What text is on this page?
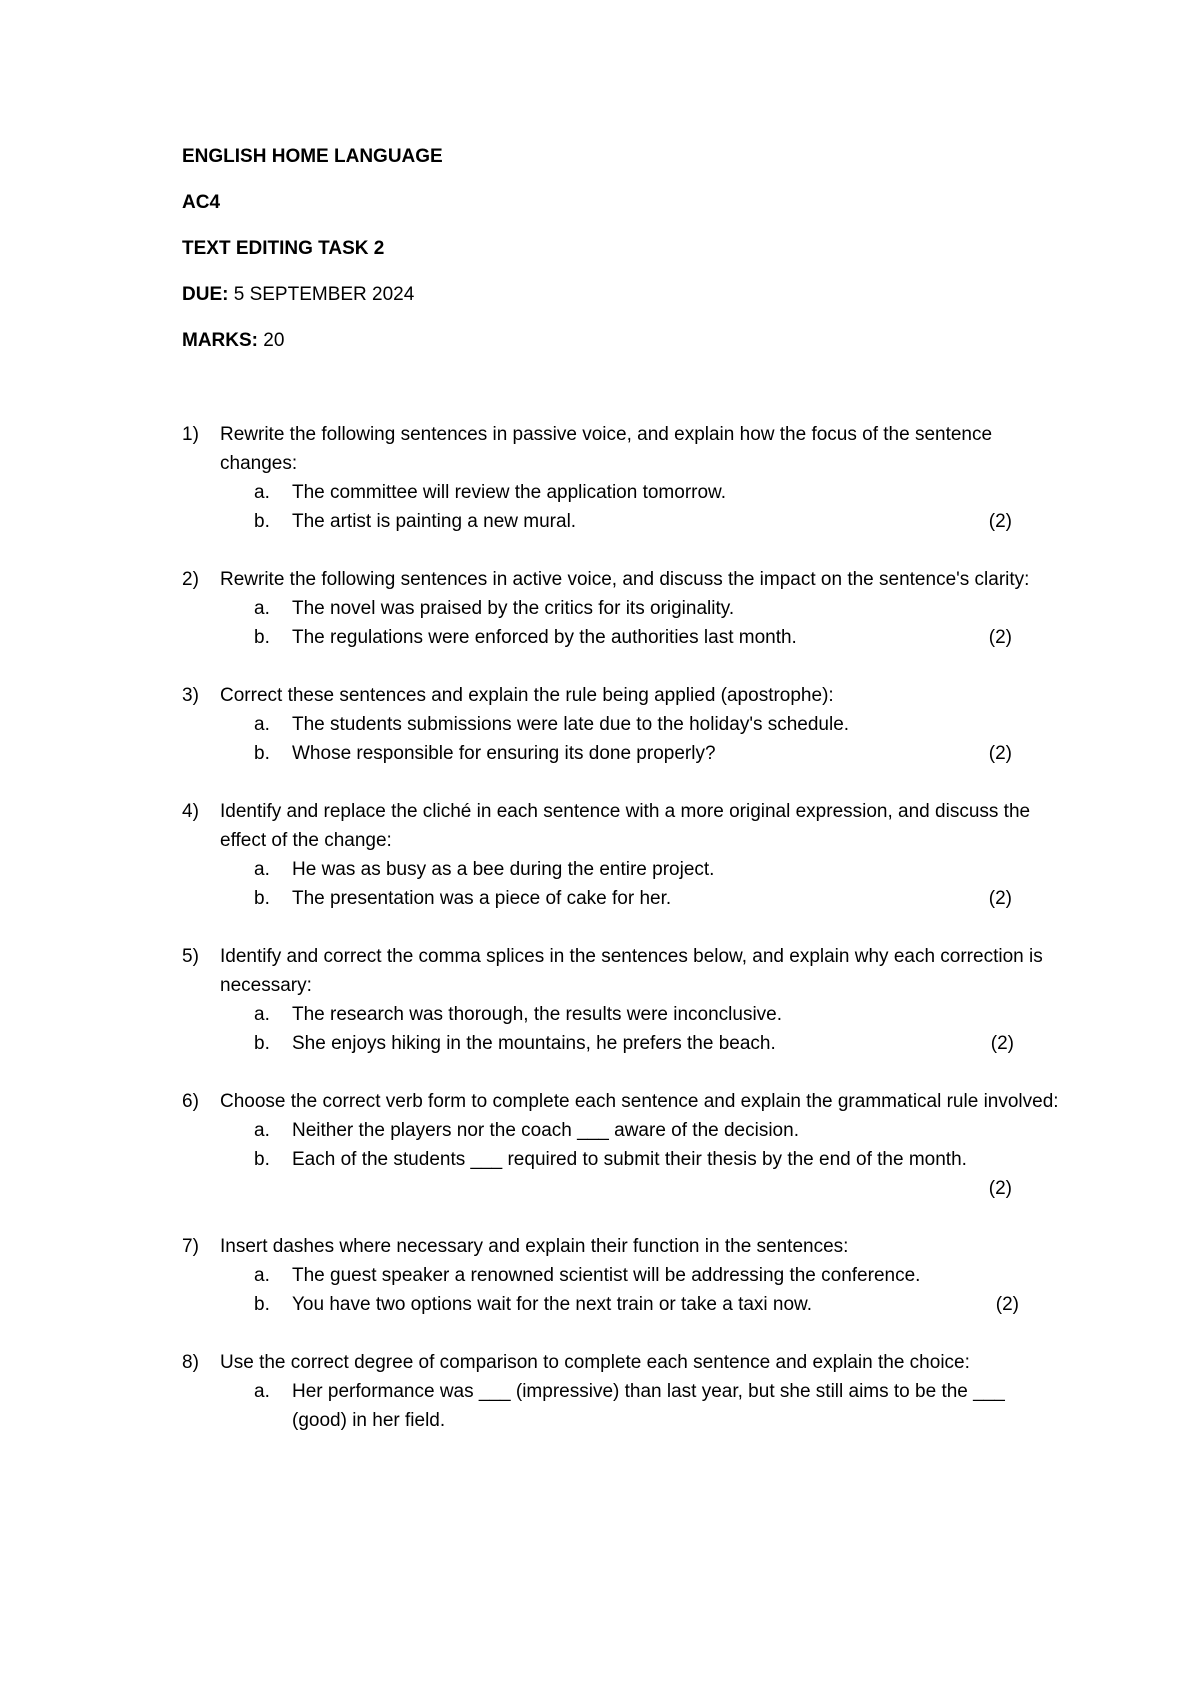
ENGLISH HOME LANGUAGE
AC4
TEXT EDITING TASK 2
DUE: 5 SEPTEMBER 2024
MARKS: 20
1)	Rewrite the following sentences in passive voice, and explain how the focus of the sentence changes:
a. The committee will review the application tomorrow.
b. The artist is painting a new mural.	(2)
2)	Rewrite the following sentences in active voice, and discuss the impact on the sentence's clarity:
a. The novel was praised by the critics for its originality.
b. The regulations were enforced by the authorities last month.	(2)
3)	Correct these sentences and explain the rule being applied (apostrophe):
a. The students submissions were late due to the holiday's schedule.
b. Whose responsible for ensuring its done properly?	(2)
4)	Identify and replace the cliché in each sentence with a more original expression, and discuss the effect of the change:
a. He was as busy as a bee during the entire project.
b. The presentation was a piece of cake for her.	(2)
5)	Identify and correct the comma splices in the sentences below, and explain why each correction is necessary:
a. The research was thorough, the results were inconclusive.
b. She enjoys hiking in the mountains, he prefers the beach.	(2)
6)	Choose the correct verb form to complete each sentence and explain the grammatical rule involved:
a. Neither the players nor the coach ___ aware of the decision.
b. Each of the students ___ required to submit their thesis by the end of the month.
(2)
7)	Insert dashes where necessary and explain their function in the sentences:
a. The guest speaker a renowned scientist will be addressing the conference.
b. You have two options wait for the next train or take a taxi now.	(2)
8)	Use the correct degree of comparison to complete each sentence and explain the choice:
a. Her performance was ___ (impressive) than last year, but she still aims to be the ___ (good) in her field.
